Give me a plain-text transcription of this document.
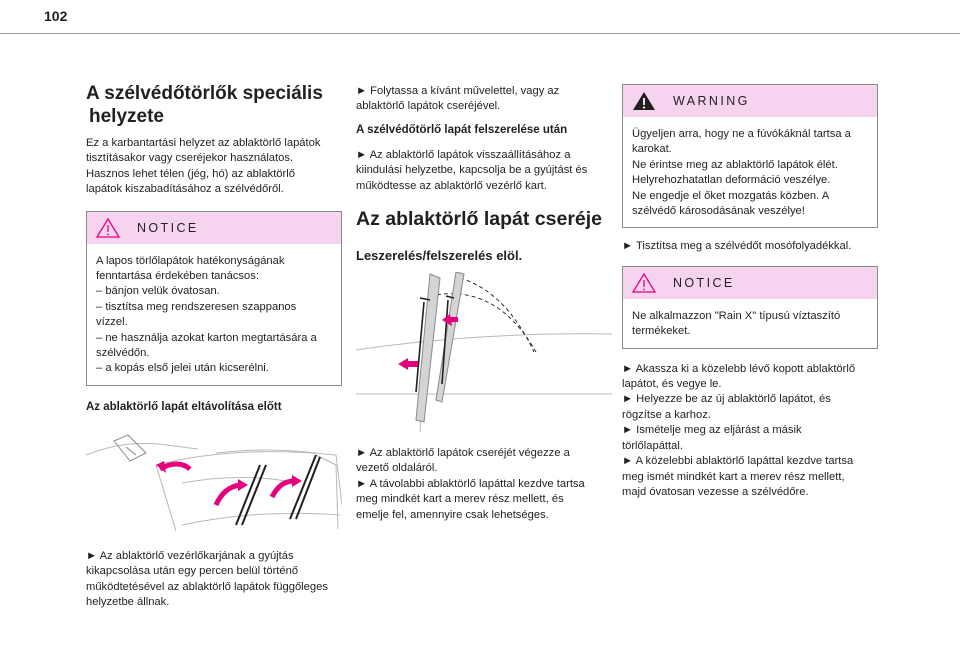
102
A szélvédőtörlők speciális
helyzete

Ez a karbantartási helyzet az ablaktörlő lapátok
tisztításakor vagy cseréjekor használatos.
Hasznos lehet télen (jég, hó) az ablaktörlő
lapátok kiszabadításához a szélvédőről.

NOTICE

A lapos törlőlapátok hatékonyságának
fenntartása érdekében tanácsos:
– bánjon velük óvatosan.
– tisztítsa meg rendszeresen szappanos
vízzel.
– ne használja azokat karton megtartására a
szélvédőn.
– a kopás első jelei után kicserélni.

Az ablaktörlő lapát eltávolítása előtt

► Az ablaktörlő vezérlőkarjának a gyújtás
kikapcsolása után egy percen belül történő
működtetésével az ablaktörlő lapátok függőleges
helyzetbe állnak.

► Folytassa a kívánt művelettel, vagy az
ablaktörlő lapátok cseréjével.

A szélvédőtörlő lapát felszerelése után

► Az ablaktörlő lapátok visszaállításához a
kiindulási helyzetbe, kapcsolja be a gyújtást és
működtesse az ablaktörlő vezérlő kart.

Az ablaktörlő lapát cseréje
Leszerelés/felszerelés elöl.

► Az ablaktörlő lapátok cseréjét végezze a
vezető oldaláról.
► A távolabbi ablaktörlő lapáttal kezdve tartsa
meg mindkét kart a merev rész mellett, és
emelje fel, amennyire csak lehetséges.

WARNING

Ügyeljen arra, hogy ne a fúvókáknál tartsa a
karokat.
Ne érintse meg az ablaktörlő lapátok élét.
Helyrehozhatatlan deformáció veszélye.
Ne engedje el őket mozgatás közben. A
szélvédő károsodásának veszélye!

► Tisztítsa meg a szélvédőt mosófolyadékkal.

NOTICE

Ne alkalmazzon "Rain X" típusú víztaszító
termékeket.

► Akassza ki a közelebb lévő kopott ablaktörlő
lapátot, és vegye le.
► Helyezze be az új ablaktörlő lapátot, és
rögzítse a karhoz.
► Ismételje meg az eljárást a másik
törlőlapáttal.
► A közelebbi ablaktörlő lapáttal kezdve tartsa
meg ismét mindkét kart a merev rész mellett,
majd óvatosan vezesse a szélvédőre.
